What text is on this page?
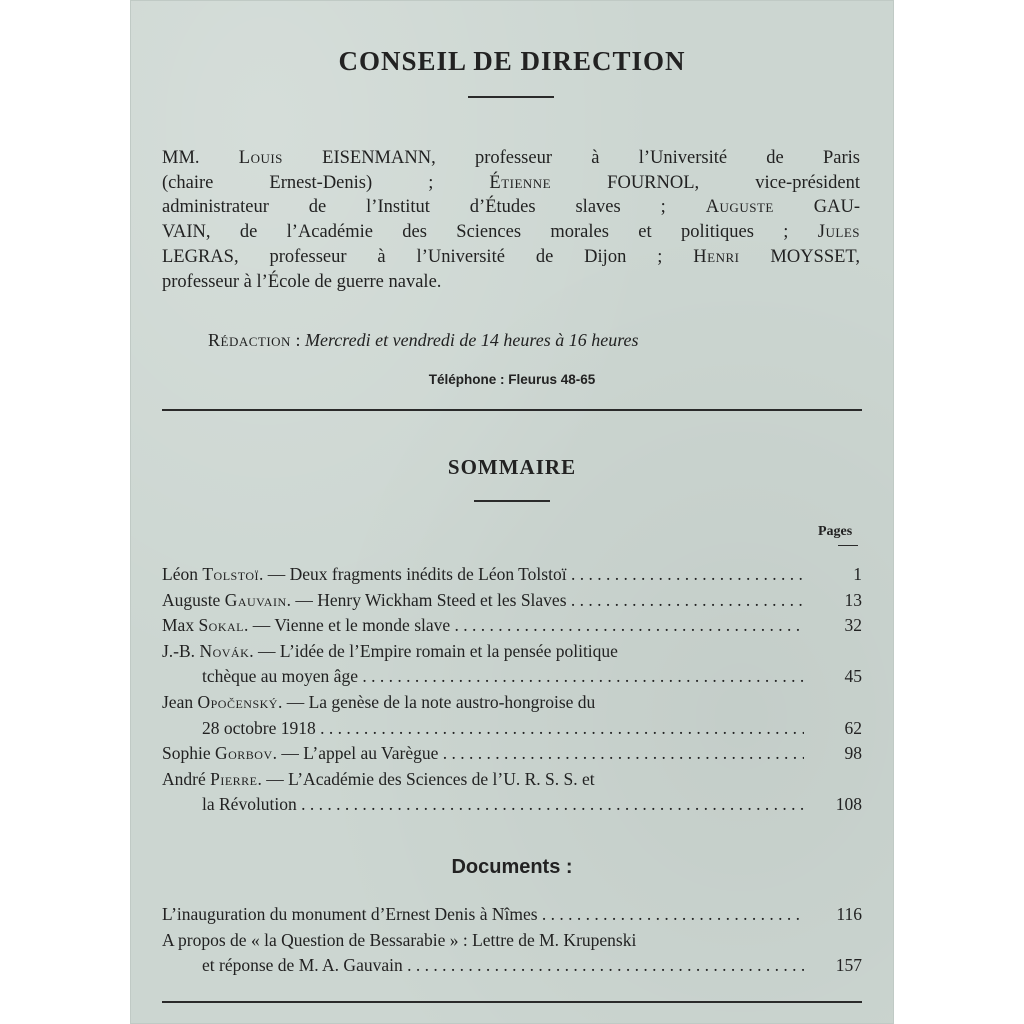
CONSEIL DE DIRECTION
MM. Louis EISENMANN, professeur à l’Université de Paris
(chaire Ernest-Denis) ; Étienne FOURNOL, vice-président
administrateur de l’Institut d’Études slaves ; Auguste GAU-
VAIN, de l’Académie des Sciences morales et politiques ; Jules
LEGRAS, professeur à l’Université de Dijon ; Henri MOYSSET,
professeur à l’École de guerre navale.
Rédaction : Mercredi et vendredi de 14 heures à 16 heures
Téléphone : Fleurus 48-65
SOMMAIRE
Pages
Léon Tolstoï. — Deux fragments inédits de Léon Tolstoï . . .	1
Auguste Gauvain. — Henry Wickham Steed et les Slaves . . .	13
Max Sokal. — Vienne et le monde slave . . .	32
J.-B. Novák. — L’idée de l’Empire romain et la pensée politique
tchèque au moyen âge . . .	45
Jean Opočenský. — La genèse de la note austro-hongroise du
28 octobre 1918 . . .	62
Sophie Gorbov. — L’appel au Varègue . . .	98
André Pierre. — L’Académie des Sciences de l’U. R. S. S. et
la Révolution . . .	108
Documents :
L’inauguration du monument d’Ernest Denis à Nîmes . . .	116
A propos de « la Question de Bessarabie » : Lettre de M. Krupenski
et réponse de M. A. Gauvain . . .	157
